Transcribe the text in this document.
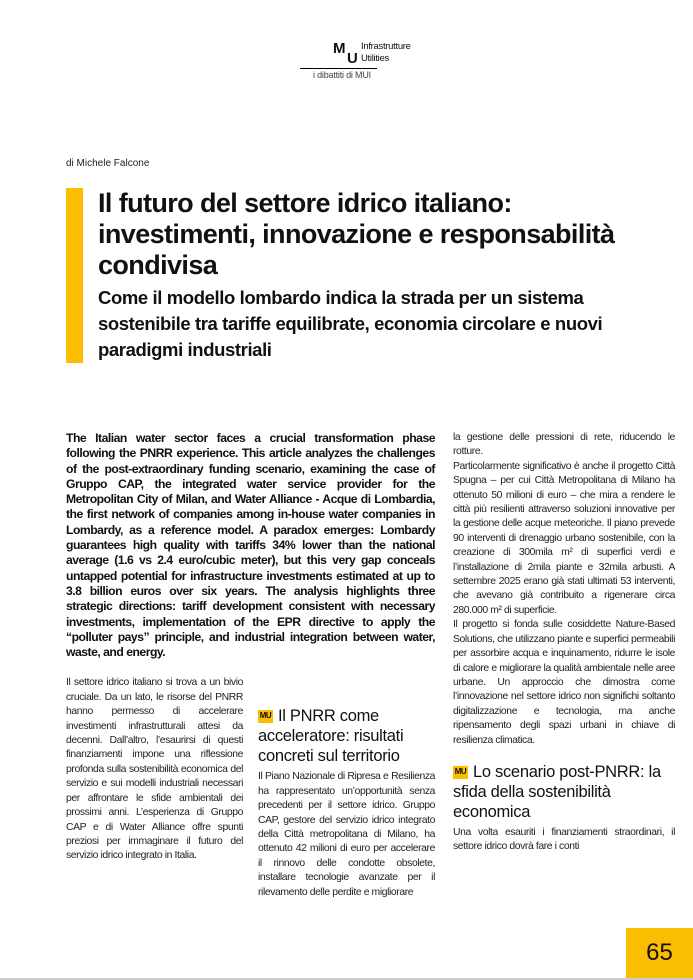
M
U
Infrastrutture
Utilities
i dibattiti di MUI
di Michele Falcone
Il futuro del settore idrico italiano: investimenti, innovazione e responsabilità condivisa
Come il modello lombardo indica la strada per un sistema sostenibile tra tariffe equilibrate, economia circolare e nuovi paradigmi industriali

The Italian water sector faces a crucial transformation phase following the PNRR experience. This article analyzes the challenges of the post-extraordinary funding scenario, examining the case of Gruppo CAP, the integrated water service provider for the Metropolitan City of Milan, and Water Alliance - Acque di Lombardia, the first network of companies among in-house water companies in Lombardy, as a reference model. A paradox emerges: Lombardy guarantees high quality with tariffs 34% lower than the national average (1.6 vs 2.4 euro/cubic meter), but this very gap conceals untapped potential for infrastructure investments estimated at up to 3.8 billion euros over six years. The analysis highlights three strategic directions: tariff development consistent with necessary investments, implementation of the EPR directive to apply the “polluter pays” principle, and industrial integration between water, waste, and energy.

Il settore idrico italiano si trova a un bivio cruciale. Da un lato, le risorse del PNRR hanno permesso di accelerare investimenti infrastrutturali attesi da decenni. Dall’altro, l’esaurirsi di questi finanziamenti impone una riflessione profonda sulla sostenibilità economica del servizio e sui modelli industriali necessari per affrontare le sfide ambientali dei prossimi anni. L’esperienza di Gruppo CAP e di Water Alliance offre spunti preziosi per immaginare il futuro del servizio idrico integrato in Italia.

MU Il PNRR come acceleratore: risultati concreti sul territorio

Il Piano Nazionale di Ripresa e Resilienza ha rappresentato un’opportunità senza precedenti per il settore idrico. Gruppo CAP, gestore del servizio idrico integrato della Città metropolitana di Milano, ha ottenuto 42 milioni di euro per accelerare il rinnovo delle condotte obsolete, installare tecnologie avanzate per il rilevamento delle perdite e migliorare

la gestione delle pressioni di rete, riducendo le rotture.

Particolarmente significativo è anche il progetto Città Spugna – per cui Città Metropolitana di Milano ha ottenuto 50 milioni di euro – che mira a rendere le città più resilienti attraverso soluzioni innovative per la gestione delle acque meteoriche. Il piano prevede 90 interventi di drenaggio urbano sostenibile, con la creazione di 300mila m² di superfici verdi e l’installazione di 2mila piante e 32mila arbusti. A settembre 2025 erano già stati ultimati 53 interventi, che avevano già contribuito a rigenerare circa 280.000 m² di superficie.

Il progetto si fonda sulle cosiddette Nature-Based Solutions, che utilizzano piante e superfici permeabili per assorbire acqua e inquinamento, ridurre le isole di calore e migliorare la qualità ambientale nelle aree urbane. Un approccio che dimostra come l’innovazione nel settore idrico non significhi soltanto digitalizzazione e tecnologia, ma anche ripensamento degli spazi urbani in chiave di resilienza climatica.

MU Lo scenario post-PNRR: la sfida della sostenibilità economica

Una volta esauriti i finanziamenti straordinari, il settore idrico dovrà fare i conti

65
